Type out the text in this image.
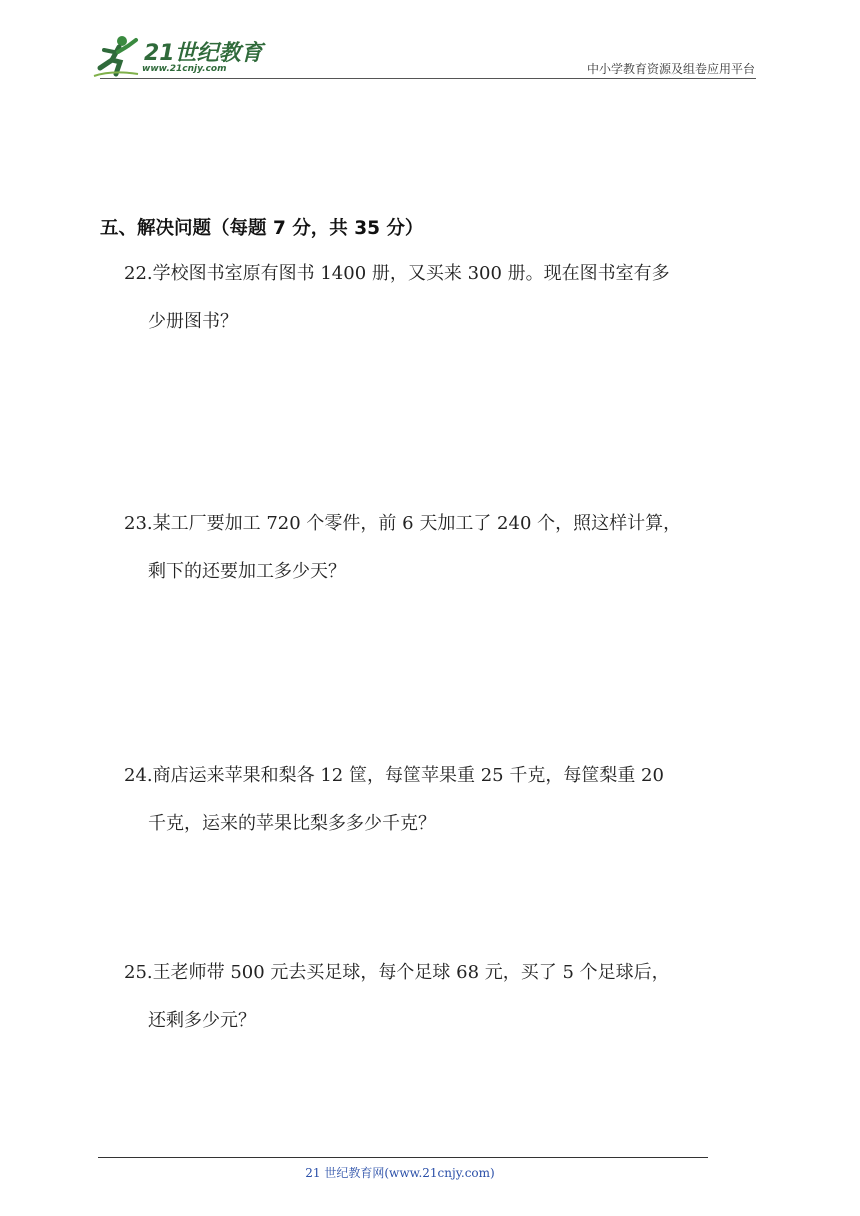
21世纪教育
www.21cnjy.com	中小学教育资源及组卷应用平台
五、解决问题（每题 7 分，共 35 分）
22.学校图书室原有图书 1400 册，又买来 300 册。现在图书室有多
少册图书？
23.某工厂要加工 720 个零件，前 6 天加工了 240 个，照这样计算，
剩下的还要加工多少天？
24.商店运来苹果和梨各 12 筐，每筐苹果重 25 千克，每筐梨重 20
千克，运来的苹果比梨多多少千克？
25.王老师带 500 元去买足球，每个足球 68 元，买了 5 个足球后，
还剩多少元？
21 世纪教育网(www.21cnjy.com)
